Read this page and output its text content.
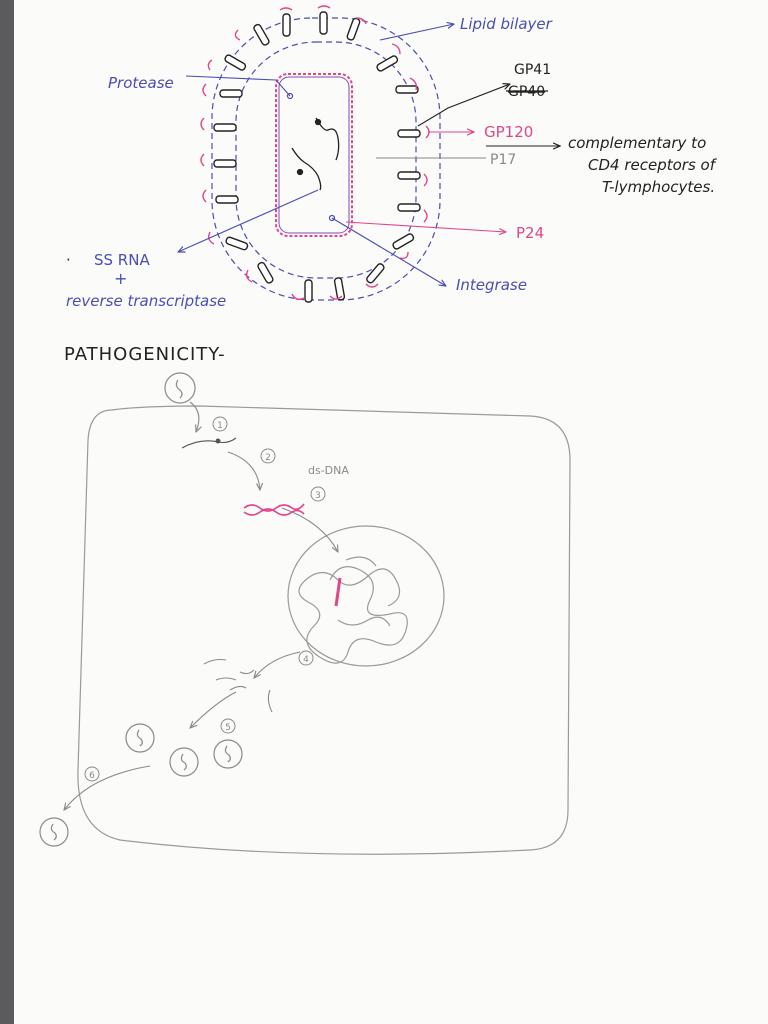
Lipid bilayer
Protease
GP41
GP40
GP120
complementary to
CD4 receptors of
T-lymphocytes.
P17
P24
· SS RNA
+
reverse transcriptase
Integrase
PATHOGENICITY-
1
2
3
4
5
6
ds-DNA
